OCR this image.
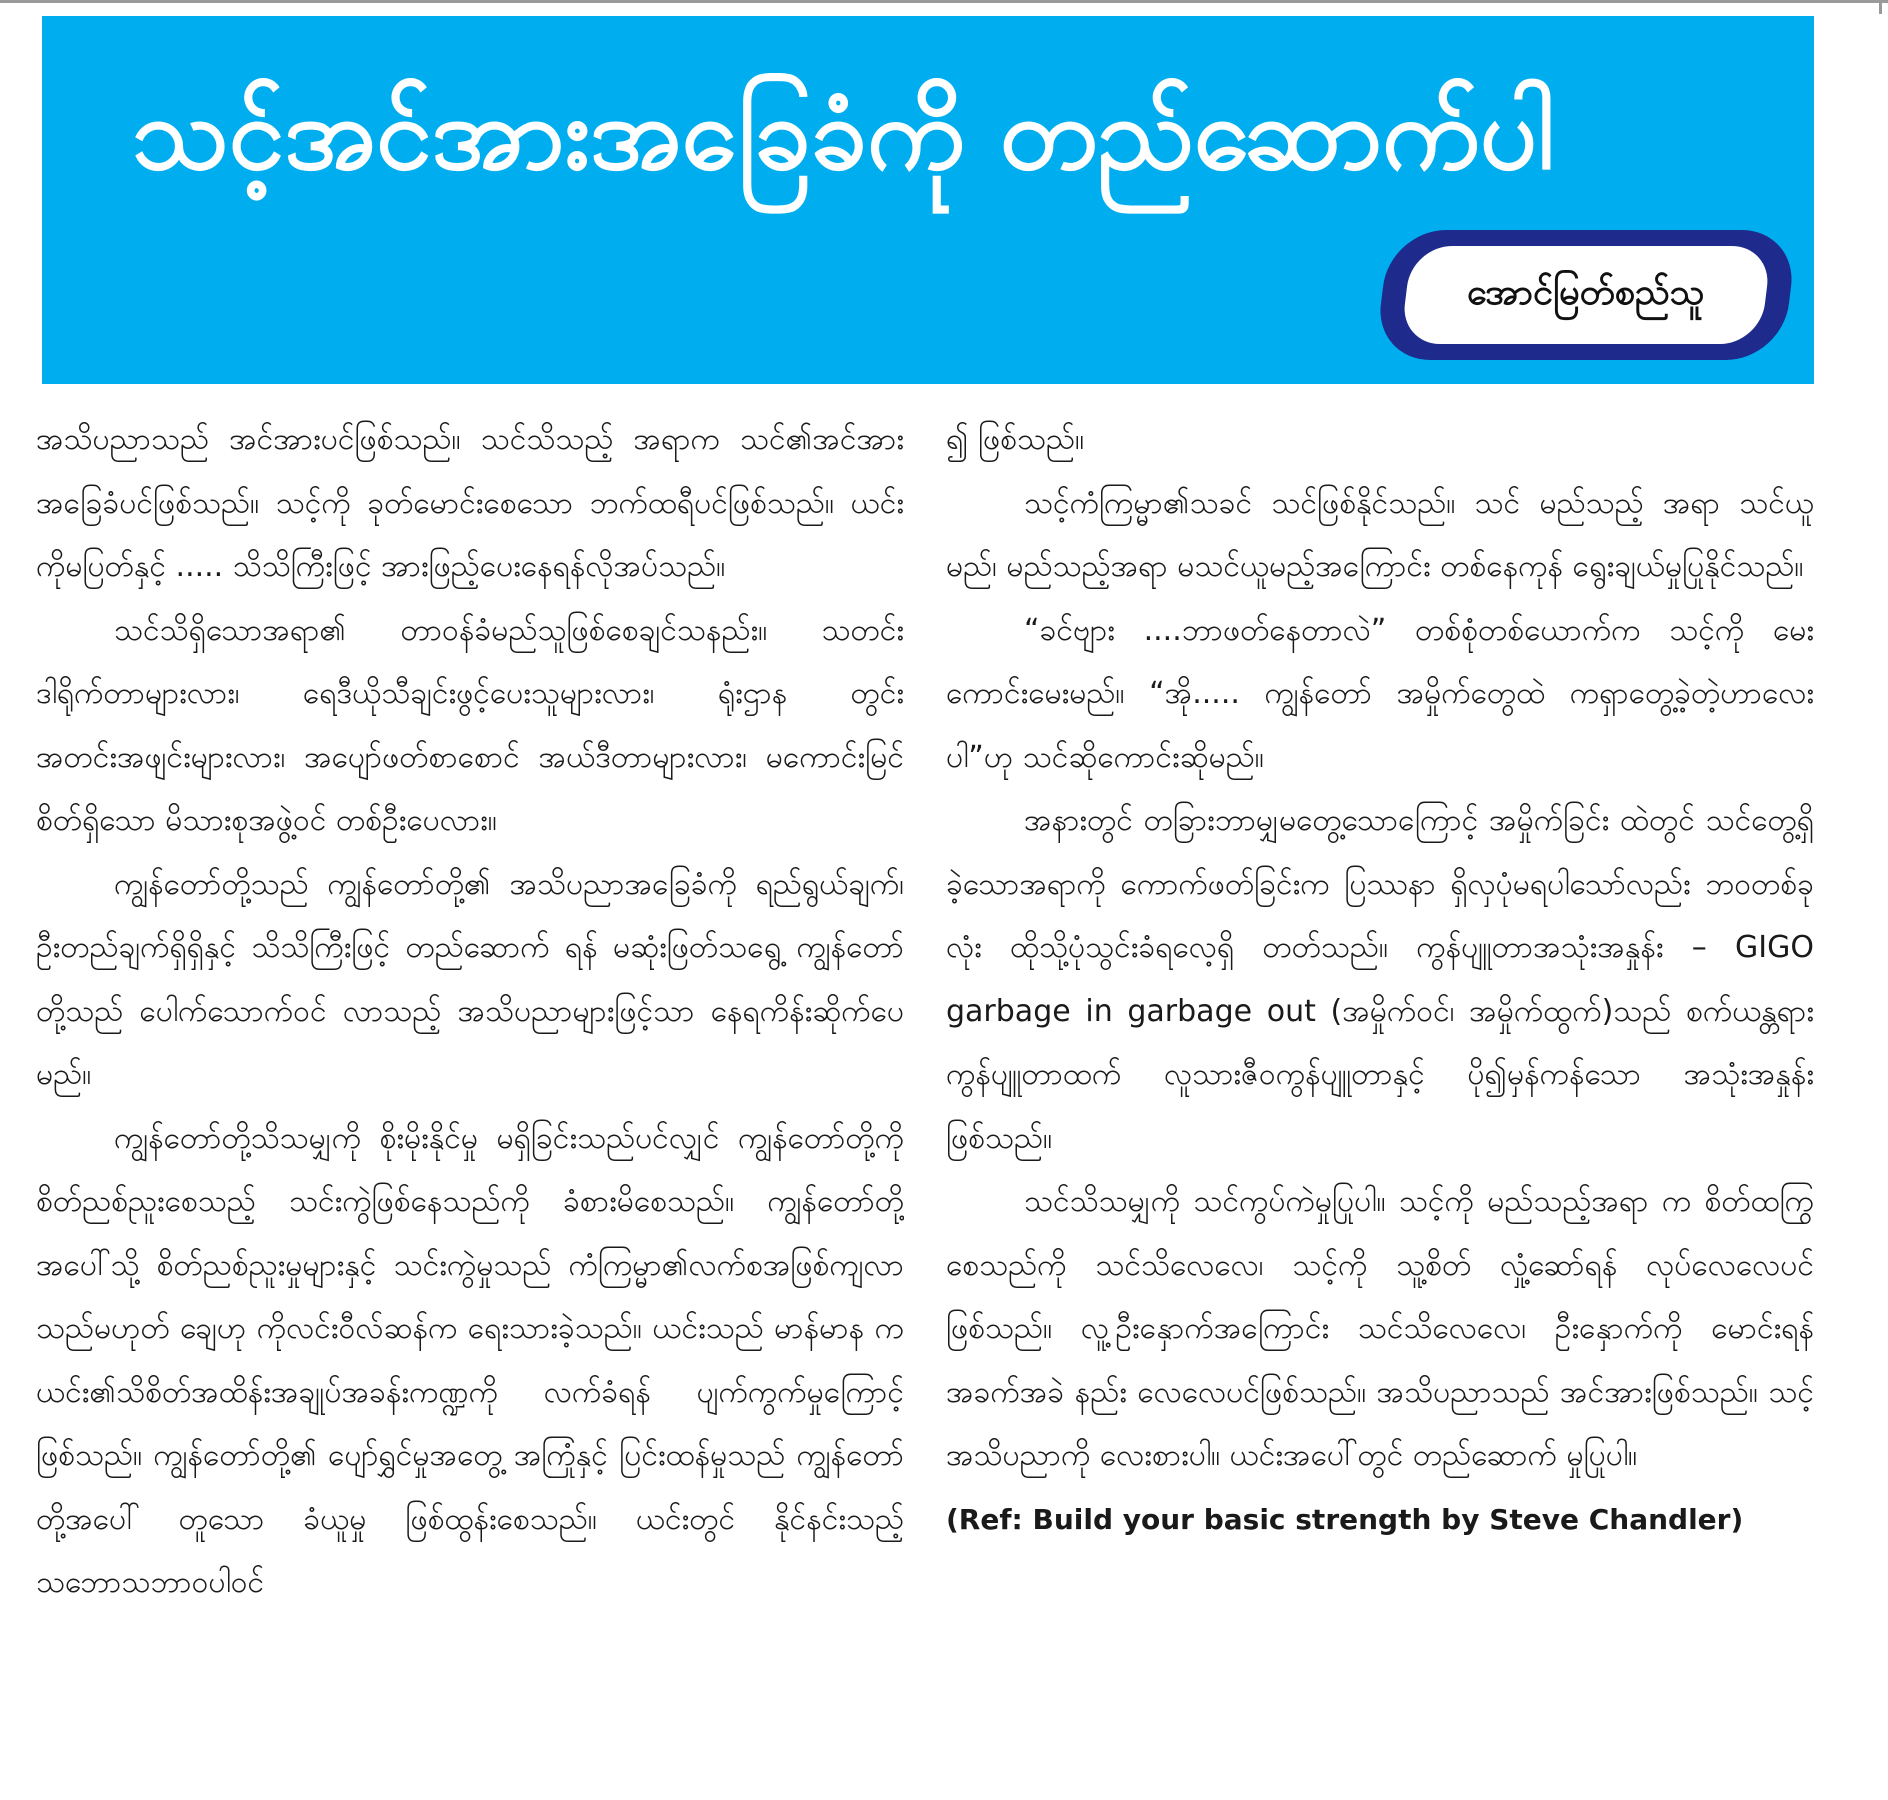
သင့်အင်အားအခြေခံကို တည်ဆောက်ပါ
အောင်မြတ်စည်သူ

အသိပညာသည် အင်အားပင်ဖြစ်သည်။ သင်သိသည့် အရာက သင်၏အင်အားအခြေခံပင်ဖြစ်သည်။ သင့်ကို ခုတ်မောင်းစေသော ဘက်ထရီပင်ဖြစ်သည်။ ယင်းကိုမပြတ်နှင့် ..... သိသိကြီးဖြင့် အားဖြည့်ပေးနေရန်လိုအပ်သည်။

သင်သိရှိသောအရာ၏ တာဝန်ခံမည်သူဖြစ်စေချင်သနည်း။ သတင်းဒါရိုက်တာများလား၊ ရေဒီယိုသီချင်းဖွင့်ပေးသူများလား၊ ရုံးဌာန တွင်း အတင်းအဖျင်းများလား၊ အပျော်ဖတ်စာစောင် အယ်ဒီတာများလား၊ မကောင်းမြင်စိတ်ရှိသော မိသားစုအဖွဲ့ဝင် တစ်ဦးပေလား။

ကျွန်တော်တို့သည် ကျွန်တော်တို့၏ အသိပညာအခြေခံကို ရည်ရွယ်ချက်၊ ဦးတည်ချက်ရှိရှိနှင့် သိသိကြီးဖြင့် တည်ဆောက် ရန် မဆုံးဖြတ်သရွေ့ ကျွန်တော်တို့သည် ပေါက်သောက်ဝင် လာသည့် အသိပညာများဖြင့်သာ နေရကိန်းဆိုက်ပေမည်။

ကျွန်တော်တို့သိသမျှကို စိုးမိုးနိုင်မှု မရှိခြင်းသည်ပင်လျှင် ကျွန်တော်တို့ကို စိတ်ညစ်ညူးစေသည့် သင်းကွဲဖြစ်နေသည်ကို ခံစားမိစေသည်။ ကျွန်တော်တို့အပေါ်သို့ စိတ်ညစ်ညူးမှုများနှင့် သင်းကွဲမှုသည် ကံကြမ္မာ၏လက်စအဖြစ်ကျလာသည်မဟုတ် ချေဟု ကိုလင်းဝီလ်ဆန်က ရေးသားခဲ့သည်။ ယင်းသည် မာန်မာန က ယင်း၏သိစိတ်အထိန်းအချုပ်အခန်းကဏ္ဍကို လက်ခံရန် ပျက်ကွက်မှုကြောင့်ဖြစ်သည်။ ကျွန်တော်တို့၏ ပျော်ရွှင်မှုအတွေ့ အကြုံနှင့် ပြင်းထန်မှုသည် ကျွန်တော်တို့အပေါ် တူသော ခံယူမှု ဖြစ်ထွန်းစေသည်။ ယင်းတွင် နိုင်နင်းသည့်သဘောသဘာဝပါဝင်

၍ ဖြစ်သည်။

သင့်ကံကြမ္မာ၏သခင် သင်ဖြစ်နိုင်သည်။ သင် မည်သည့် အရာ သင်ယူမည်၊ မည်သည့်အရာ မသင်ယူမည့်အကြောင်း တစ်နေကုန် ရွေးချယ်မှုပြုနိုင်သည်။

“ခင်ဗျား ....ဘာဖတ်နေတာလဲ” တစ်စုံတစ်ယောက်က သင့်ကို မေးကောင်းမေးမည်။ “အို..... ကျွန်တော် အမှိုက်တွေထဲ ကရှာတွေ့ခဲ့တဲ့ဟာလေးပါ”ဟု သင်ဆိုကောင်းဆိုမည်။

အနားတွင် တခြားဘာမျှမတွေ့သောကြောင့် အမှိုက်ခြင်း ထဲတွင် သင်တွေ့ရှိခဲ့သောအရာကို ကောက်ဖတ်ခြင်းက ပြဿနာ ရှိလှပုံမရပါသော်လည်း ဘဝတစ်ခုလုံး ထိုသို့ပုံသွင်းခံရလေ့ရှိ တတ်သည်။ ကွန်ပျူတာအသုံးအနှုန်း – GIGO garbage in garbage out (အမှိုက်ဝင်၊ အမှိုက်ထွက်)သည် စက်ယန္တရား ကွန်ပျူတာထက် လူသားဇီဝကွန်ပျူတာနှင့် ပို၍မှန်ကန်သော အသုံးအနှုန်းဖြစ်သည်။

သင်သိသမျှကို သင်ကွပ်ကဲမှုပြုပါ။ သင့်ကို မည်သည့်အရာ က စိတ်ထကြွစေသည်ကို သင်သိလေလေ၊ သင့်ကို သူ့စိတ် လှုံ့ဆော်ရန် လုပ်လေလေပင်ဖြစ်သည်။ လူ့ဦးနှောက်အကြောင်း သင်သိလေလေ၊ ဦးနှောက်ကို မောင်းရန်အခက်အခဲ နည်း လေလေပင်ဖြစ်သည်။ အသိပညာသည် အင်အားဖြစ်သည်။ သင့်အသိပညာကို လေးစားပါ။ ယင်းအပေါ်တွင် တည်ဆောက် မှုပြုပါ။

(Ref: Build your basic strength by Steve Chandler)
